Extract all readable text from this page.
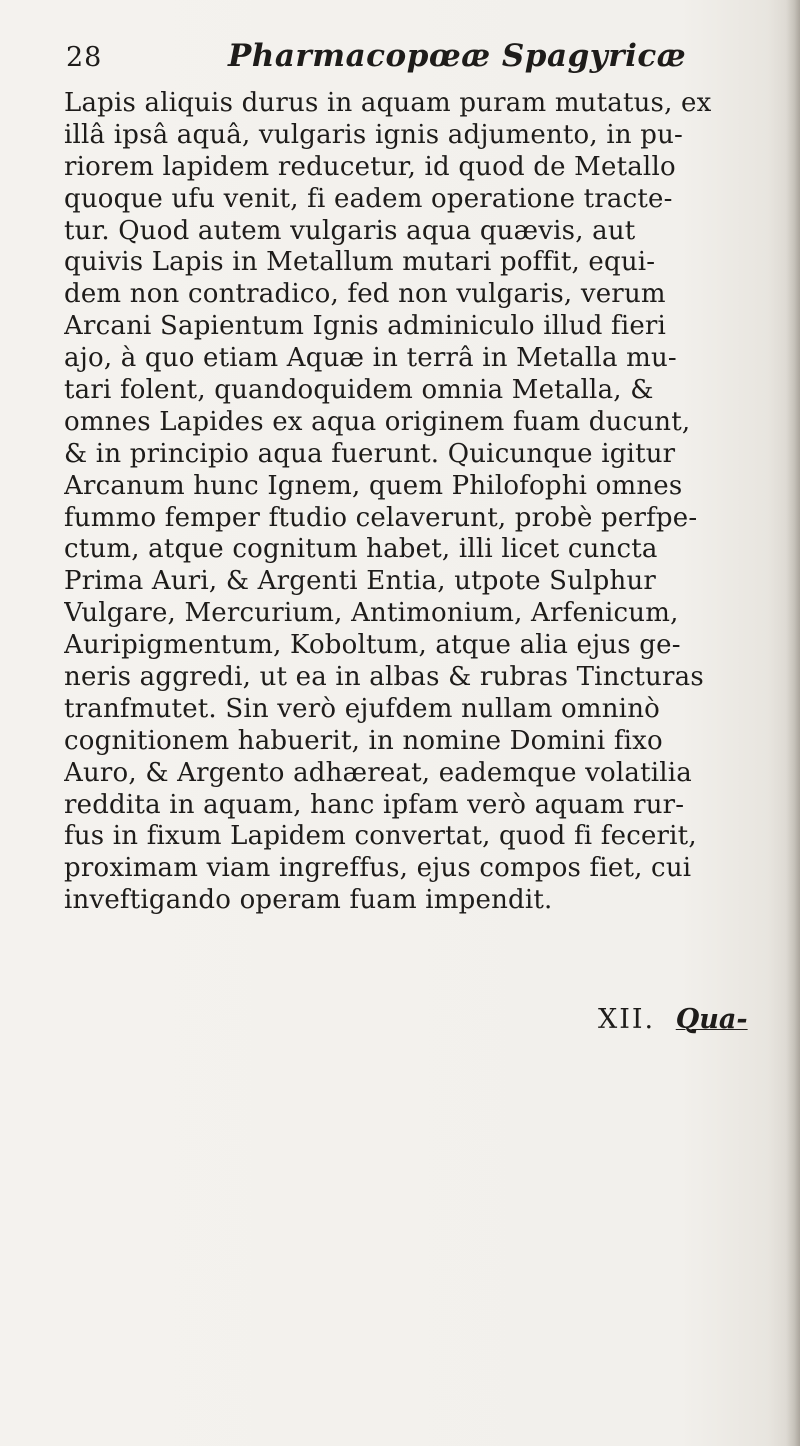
28	Pharmacopœæ Spagyricæ
Lapis aliquis durus in aquam puram mutatus, ex
illâ ipsâ aquâ, vulgaris ignis adjumento, in pu-
riorem lapidem reducetur, id quod de Metallo
quoque ufu venit, fi eadem operatione tracte-
tur. Quod autem vulgaris aqua quævis, aut
quivis Lapis in Metallum mutari poffit, equi-
dem non contradico, fed non vulgaris, verum
Arcani Sapientum Ignis adminiculo illud fieri
ajo, à quo etiam Aquæ in terrâ in Metalla mu-
tari folent, quandoquidem omnia Metalla, &
omnes Lapides ex aqua originem fuam ducunt,
& in principio aqua fuerunt. Quicunque igitur
Arcanum hunc Ignem, quem Philofophi omnes
fummo femper ftudio celaverunt, probè perfpe-
ctum, atque cognitum habet, illi licet cuncta
Prima Auri, & Argenti Entia, utpote Sulphur
Vulgare, Mercurium, Antimonium, Arfenicum,
Auripigmentum, Koboltum, atque alia ejus ge-
neris aggredi, ut ea in albas & rubras Tincturas
tranfmutet. Sin verò ejufdem nullam omninò
cognitionem habuerit, in nomine Domini fixo
Auro, & Argento adhæreat, eademque volatilia
reddita in aquam, hanc ipfam verò aquam rur-
fus in fixum Lapidem convertat, quod fi fecerit,
proximam viam ingreffus, ejus compos fiet, cui
inveftigando operam fuam impendit.
XII. Qua-
